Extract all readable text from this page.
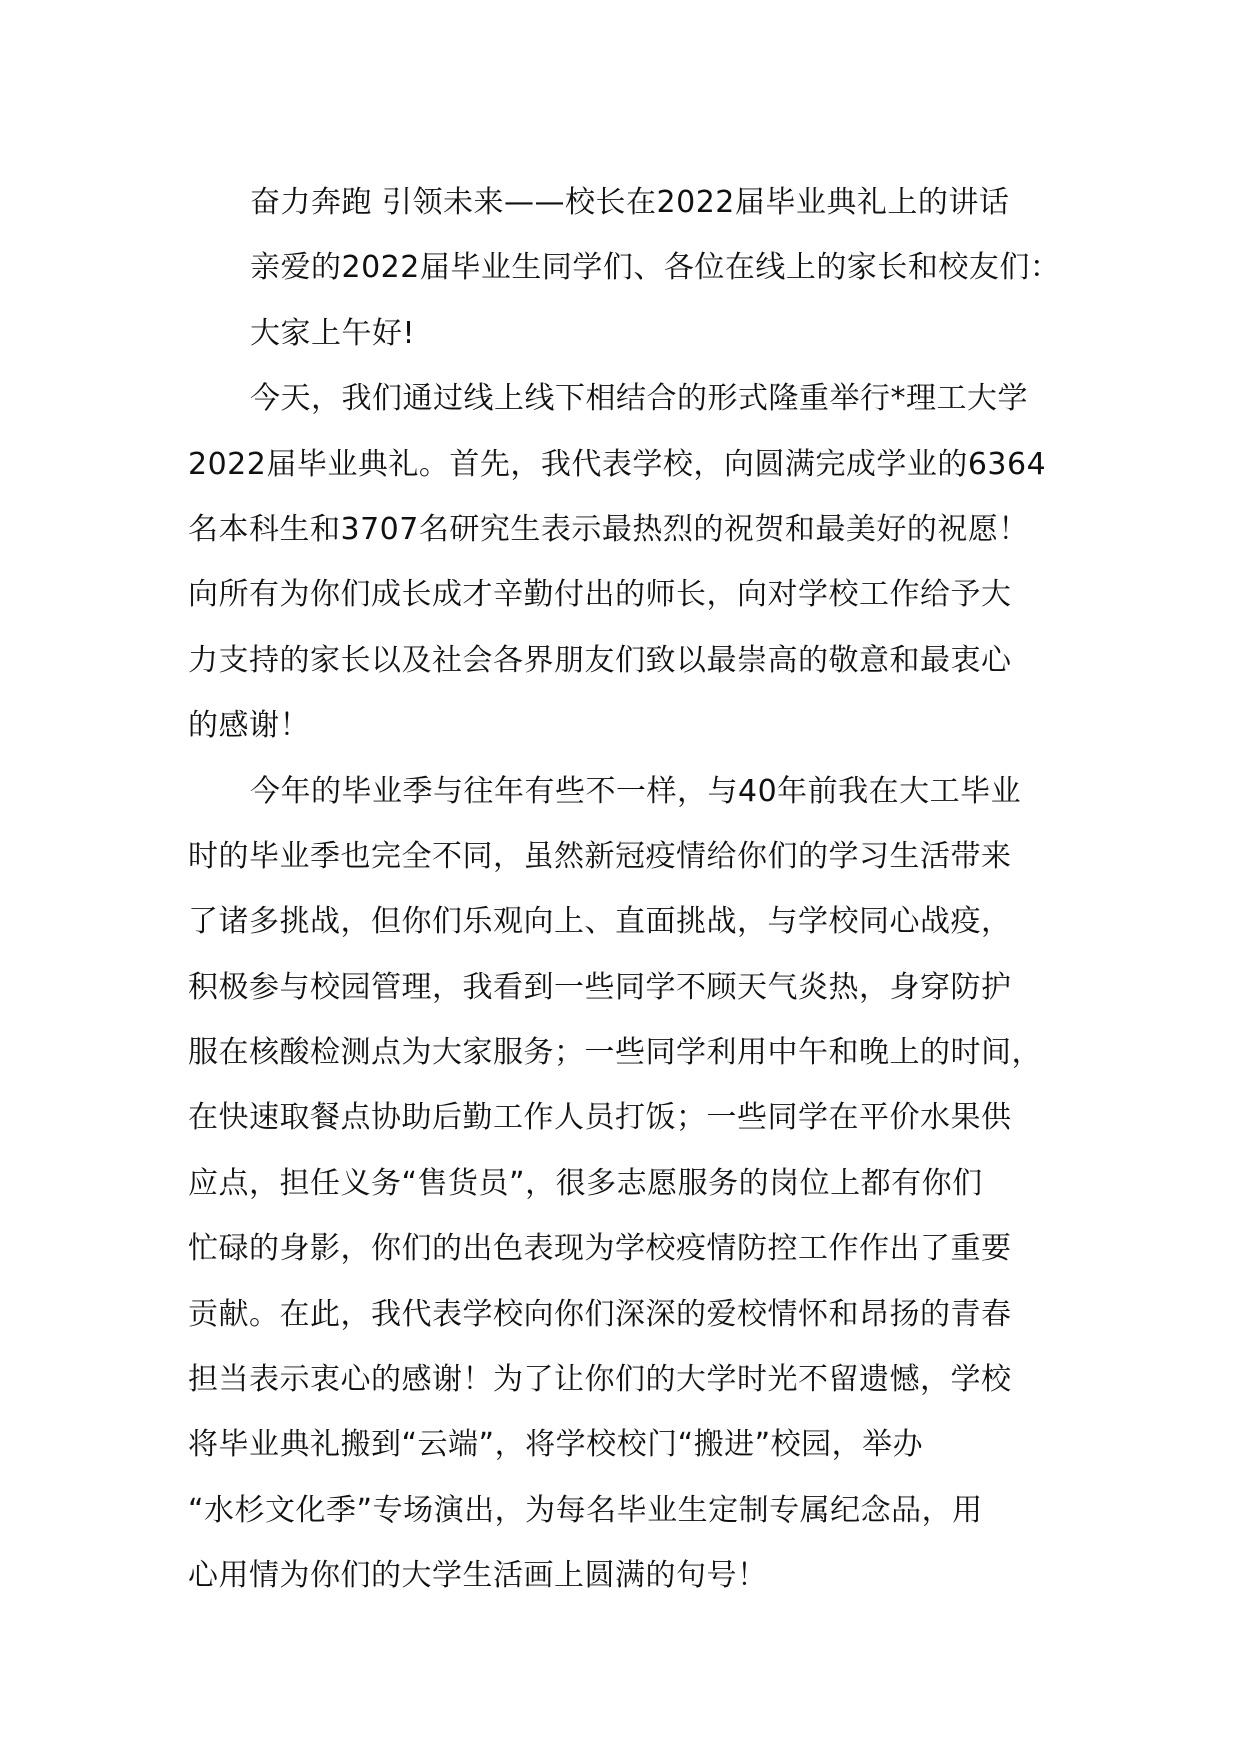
奋力奔跑 引领未来——校长在2022届毕业典礼上的讲话
亲爱的2022届毕业生同学们、各位在线上的家长和校友们：
大家上午好!
今天，我们通过线上线下相结合的形式隆重举行*理工大学
2022届毕业典礼。首先，我代表学校，向圆满完成学业的6364
名本科生和3707名研究生表示最热烈的祝贺和最美好的祝愿！
向所有为你们成长成才辛勤付出的师长，向对学校工作给予大
力支持的家长以及社会各界朋友们致以最崇高的敬意和最衷心
的感谢！
今年的毕业季与往年有些不一样，与40年前我在大工毕业
时的毕业季也完全不同，虽然新冠疫情给你们的学习生活带来
了诸多挑战，但你们乐观向上、直面挑战，与学校同心战疫，
积极参与校园管理，我看到一些同学不顾天气炎热，身穿防护
服在核酸检测点为大家服务；一些同学利用中午和晚上的时间，
在快速取餐点协助后勤工作人员打饭；一些同学在平价水果供
应点，担任义务“售货员”，很多志愿服务的岗位上都有你们
忙碌的身影，你们的出色表现为学校疫情防控工作作出了重要
贡献。在此，我代表学校向你们深深的爱校情怀和昂扬的青春
担当表示衷心的感谢！为了让你们的大学时光不留遗憾，学校
将毕业典礼搬到“云端”，将学校校门“搬进”校园，举办
“水杉文化季”专场演出，为每名毕业生定制专属纪念品，用
心用情为你们的大学生活画上圆满的句号！
